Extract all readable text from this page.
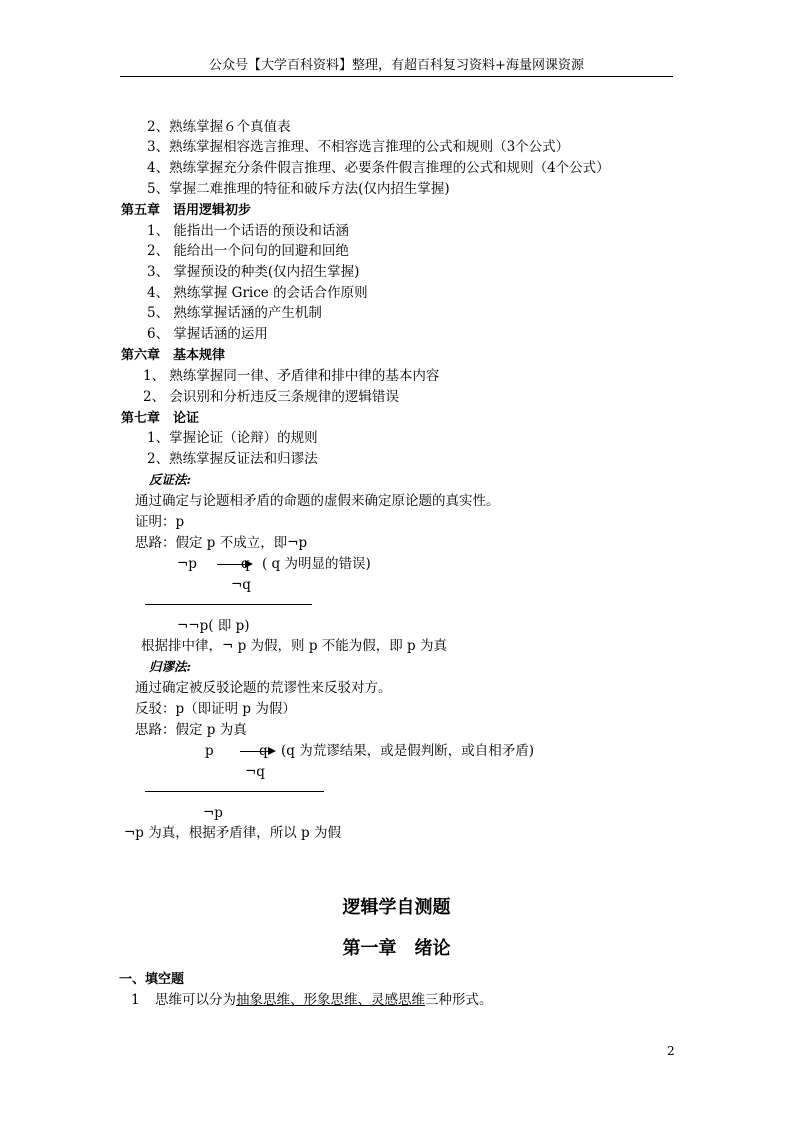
公众号【大学百科资料】整理，有超百科复习资料+海量网课资源
2、熟练掌握６个真值表
3、熟练掌握相容选言推理、不相容选言推理的公式和规则（3个公式）
4、熟练掌握充分条件假言推理、必要条件假言推理的公式和规则（4个公式）
5、掌握二难推理的特征和破斥方法(仅内招生掌握)
第五章　语用逻辑初步
1、 能指出一个话语的预设和话涵
2、 能给出一个问句的回避和回绝
3、 掌握预设的种类(仅内招生掌握)
4、 熟练掌握 Grice 的会话合作原则
5、 熟练掌握话涵的产生机制
6、 掌握话涵的运用
第六章　基本规律
1、 熟练掌握同一律、矛盾律和排中律的基本内容
2、 会识别和分析违反三条规律的逻辑错误
第七章　论证
1、掌握论证（论辩）的规则
2、熟练掌握反证法和归谬法
反证法:
通过确定与论题相矛盾的命题的虚假来确定原论题的真实性。
证明：p
思路：假定 p 不成立，即¬p
¬p	q ( q 为明显的错误)
¬q
¬¬p( 即 p)
根据排中律，¬ p 为假，则 p 不能为假，即 p 为真
归谬法:
通过确定被反驳论题的荒谬性来反驳对方。
反驳：p（即证明 p 为假）
思路：假定 p 为真
p	q (q 为荒谬结果，或是假判断，或自相矛盾)
¬q
¬p
¬p 为真，根据矛盾律，所以 p 为假
逻辑学自测题
第一章　绪论
一、填空题
1 思维可以分为抽象思维、形象思维、灵感思维三种形式。
2
